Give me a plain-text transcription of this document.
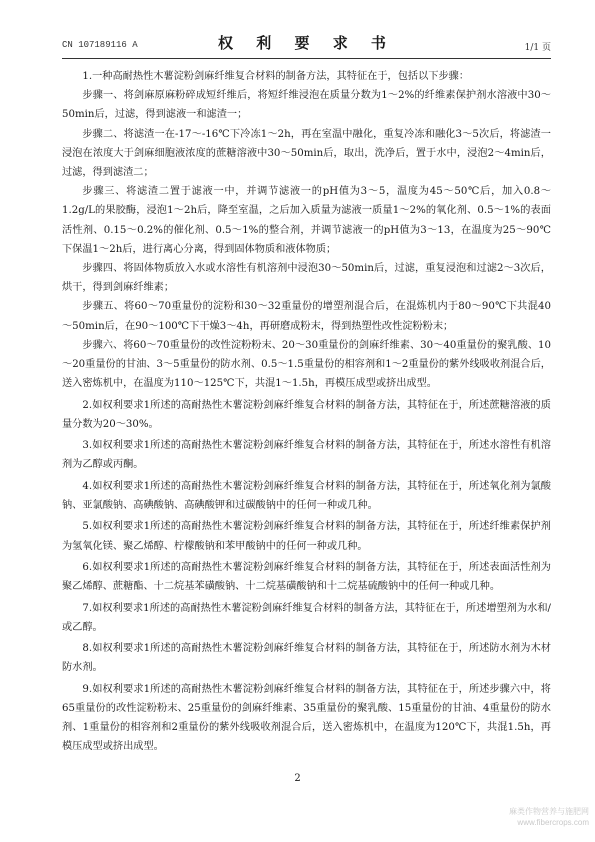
CN 107189116 A	权 利 要 求 书	1/1 页

1.一种高耐热性木薯淀粉剑麻纤维复合材料的制备方法，其特征在于，包括以下步骤：

步骤一、将剑麻原麻粉碎成短纤维后，将短纤维浸泡在质量分数为1～2%的纤维素保护剂水溶液中30～50min后，过滤，得到滤液一和滤渣一；

步骤二、将滤渣一在-17～-16℃下冷冻1～2h，再在室温中融化，重复冷冻和融化3～5次后，将滤渣一浸泡在浓度大于剑麻细胞液浓度的蔗糖溶液中30～50min后，取出，洗净后，置于水中，浸泡2～4min后，过滤，得到滤渣二；

步骤三、将滤渣二置于滤液一中，并调节滤液一的pH值为3～5，温度为45～50℃后，加入0.8～1.2g/L的果胶酶，浸泡1～2h后，降至室温，之后加入质量为滤液一质量1～2%的氧化剂、0.5～1%的表面活性剂、0.15～0.2%的催化剂、0.5～1%的整合剂，并调节滤液一的pH值为3～13，在温度为25～90℃下保温1～2h后，进行离心分离，得到固体物质和液体物质；

步骤四、将固体物质放入水或水溶性有机溶剂中浸泡30～50min后，过滤，重复浸泡和过滤2～3次后，烘干，得到剑麻纤维素；

步骤五、将60～70重量份的淀粉和30～32重量份的增塑剂混合后，在混炼机内于80～90℃下共混40～50min后，在90～100℃下干燥3～4h，再研磨成粉末，得到热塑性改性淀粉粉末；

步骤六、将60～70重量份的改性淀粉粉末、20～30重量份的剑麻纤维素、30～40重量份的聚乳酸、10～20重量份的甘油、3～5重量份的防水剂、0.5～1.5重量份的相容剂和1～2重量份的紫外线吸收剂混合后，送入密炼机中，在温度为110～125℃下，共混1～1.5h，再模压成型或挤出成型。

2.如权利要求1所述的高耐热性木薯淀粉剑麻纤维复合材料的制备方法，其特征在于，所述蔗糖溶液的质量分数为20～30%。

3.如权利要求1所述的高耐热性木薯淀粉剑麻纤维复合材料的制备方法，其特征在于，所述水溶性有机溶剂为乙醇或丙酮。

4.如权利要求1所述的高耐热性木薯淀粉剑麻纤维复合材料的制备方法，其特征在于，所述氧化剂为氯酸钠、亚氯酸钠、高碘酸钠、高碘酸钾和过碳酸钠中的任何一种或几种。

5.如权利要求1所述的高耐热性木薯淀粉剑麻纤维复合材料的制备方法，其特征在于，所述纤维素保护剂为氢氧化镁、聚乙烯醇、柠檬酸钠和苯甲酸钠中的任何一种或几种。

6.如权利要求1所述的高耐热性木薯淀粉剑麻纤维复合材料的制备方法，其特征在于，所述表面活性剂为聚乙烯醇、蔗糖酯、十二烷基苯磺酸钠、十二烷基磺酸钠和十二烷基硫酸钠中的任何一种或几种。

7.如权利要求1所述的高耐热性木薯淀粉剑麻纤维复合材料的制备方法，其特征在于，所述增塑剂为水和/或乙醇。

8.如权利要求1所述的高耐热性木薯淀粉剑麻纤维复合材料的制备方法，其特征在于，所述防水剂为木材防水剂。

9.如权利要求1所述的高耐热性木薯淀粉剑麻纤维复合材料的制备方法，其特征在于，所述步骤六中，将65重量份的改性淀粉粉末、25重量份的剑麻纤维素、35重量份的聚乳酸、15重量份的甘油、4重量份的防水剂、1重量份的相容剂和2重量份的紫外线吸收剂混合后，送入密炼机中，在温度为120℃下，共混1.5h，再模压成型或挤出成型。

2
麻类作物营养与施肥网
www.fibercrops.com
